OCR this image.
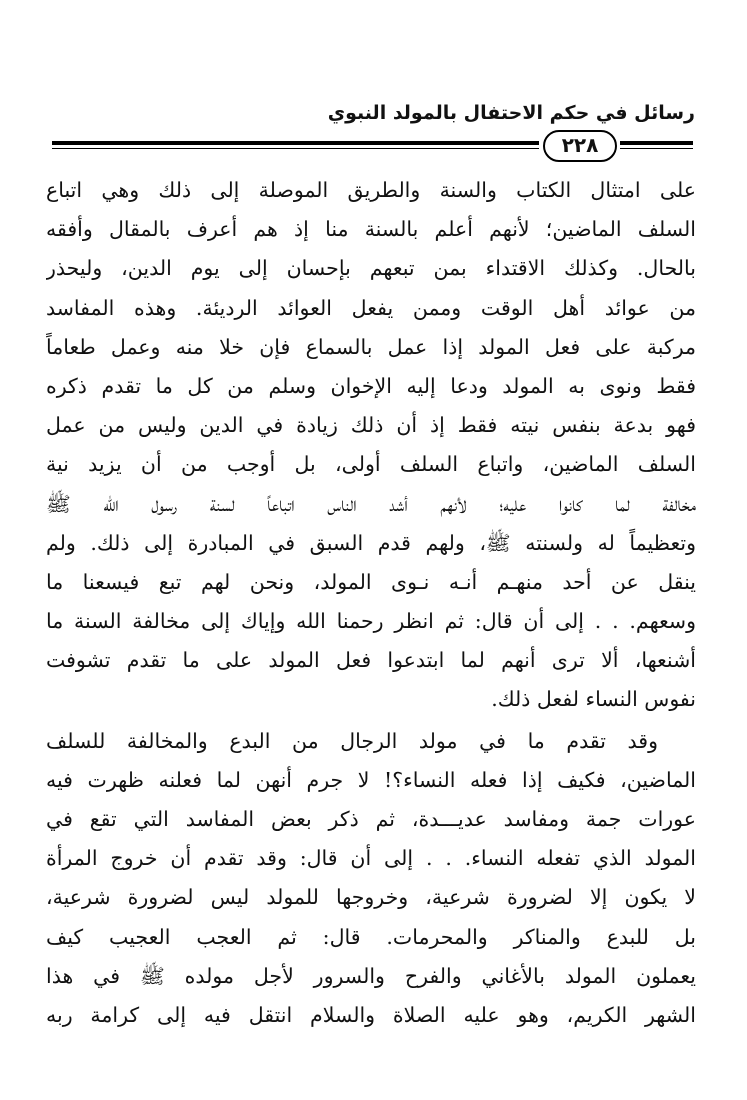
رسائل في حكم الاحتفال بالمولد النبوي
٢٢٨
على امتثال الكتاب والسنة والطريق الموصلة إلى ذلك وهي اتباع
السلف الماضين؛ لأنهم أعلم بالسنة منا إذ هم أعرف بالمقال وأفقه
بالحال. وكذلك الاقتداء بمن تبعهم بإحسان إلى يوم الدين، وليحذر
من عوائد أهل الوقت وممن يفعل العوائد الرديئة. وهذه المفاسد
مركبة على فعل المولد إذا عمل بالسماع فإن خلا منه وعمل طعاماً
فقط ونوى به المولد ودعا إليه الإخوان وسلم من كل ما تقدم ذكره
فهو بدعة بنفس نيته فقط إذ أن ذلك زيادة في الدين وليس من عمل
السلف الماضين، واتباع السلف أولى، بل أوجب من أن يزيد نية
مخالفة لما كانوا عليه؛ لأنهم أشد الناس اتباعاً لسنة رسول الله ﷺ
وتعظيماً له ولسنته ﷺ، ولهم قدم السبق في المبادرة إلى ذلك. ولم
ينقل عن أحد منهـم أنـه نـوى المولد، ونحن لهم تبع فيسعنا ما
وسعهم. . . إلى أن قال: ثم انظر رحمنا الله وإياك إلى مخالفة السنة ما
أشنعها، ألا ترى أنهم لما ابتدعوا فعل المولد على ما تقدم تشوفت
نفوس النساء لفعل ذلك.
وقد تقدم ما في مولد الرجال من البدع والمخالفة للسلف
الماضين، فكيف إذا فعله النساء؟! لا جرم أنهن لما فعلنه ظهرت فيه
عورات جمة ومفاسد عديـــدة، ثم ذكر بعض المفاسد التي تقع في
المولد الذي تفعله النساء. . . إلى أن قال: وقد تقدم أن خروج المرأة
لا يكون إلا لضرورة شرعية، وخروجها للمولد ليس لضرورة شرعية،
بل للبدع والمناكر والمحرمات. قال: ثم العجب العجيب كيف
يعملون المولد بالأغاني والفرح والسرور لأجل مولده ﷺ في هذا
الشهر الكريم، وهو عليه الصلاة والسلام انتقل فيه إلى كرامة ربه
